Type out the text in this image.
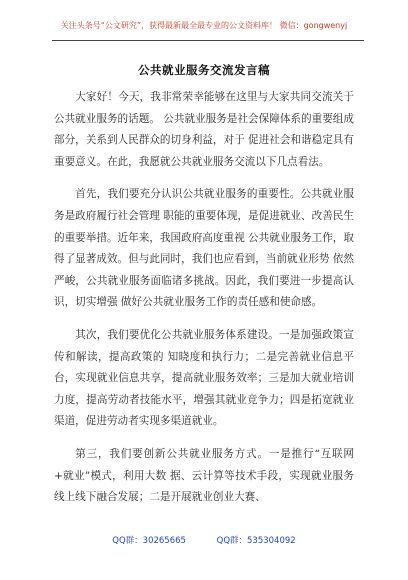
关注头条号“公文研究”，获得最新最全最专业的公文资料库！ 微信：gongwenyj
公共就业服务交流发言稿

大家好！今天，我非常荣幸能够在这里与大家共同交流关于公共就业服务的话题。 公共就业服务是社会保障体系的重要组成部分，关系到人民群众的切身利益，对于 促进社会和谐稳定具有重要意义。在此，我愿就公共就业服务交流以下几点看法。

首先，我们要充分认识公共就业服务的重要性。公共就业服务是政府履行社会管理 职能的重要体现，是促进就业、改善民生的重要举措。近年来，我国政府高度重视 公共就业服务工作，取得了显著成效。但与此同时，我们也应看到，当前就业形势 依然严峻，公共就业服务面临诸多挑战。因此，我们要进一步提高认识，切实增强 做好公共就业服务工作的责任感和使命感。

其次，我们要优化公共就业服务体系建设。一是加强政策宣传和解读，提高政策的 知晓度和执行力；二是完善就业信息平台，实现就业信息共享，提高就业服务效率；三是加大就业培训力度，提高劳动者技能水平，增强其就业竞争力；四是拓宽就业 渠道，促进劳动者实现多渠道就业。

第三，我们要创新公共就业服务方式。一是推行“互联网+就业”模式，利用大数 据、云计算等技术手段，实现就业服务线上线下融合发展；二是开展就业创业大赛、

QQ群：30265665	QQ群：535304092
